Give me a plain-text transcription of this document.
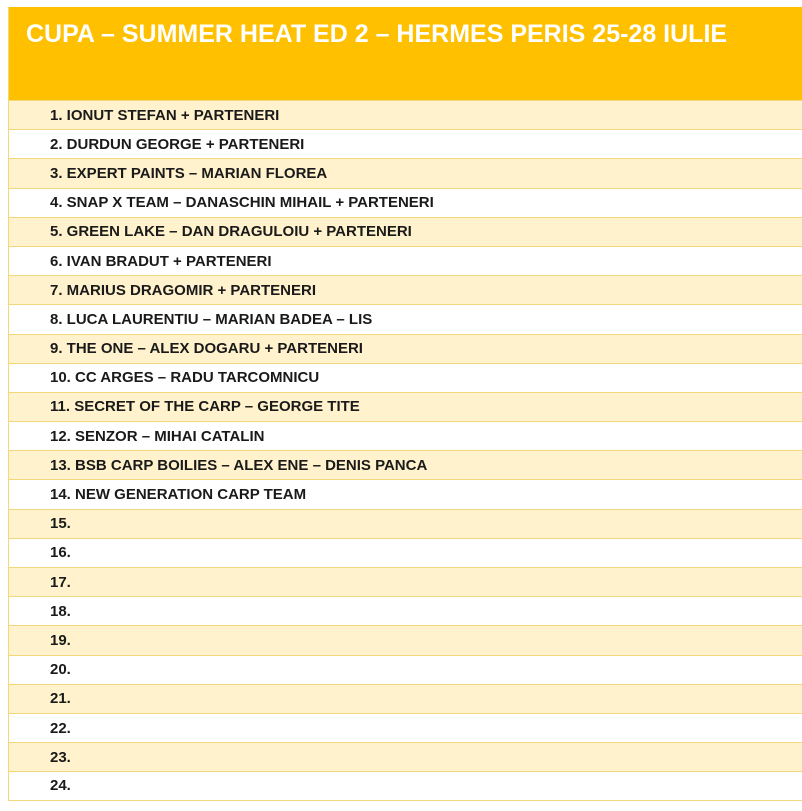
CUPA – SUMMER HEAT ED 2 – HERMES PERIS 25-28 IULIE
1. IONUT STEFAN + PARTENERI
2. DURDUN GEORGE + PARTENERI
3. EXPERT PAINTS – MARIAN FLOREA
4. SNAP X TEAM – DANASCHIN MIHAIL + PARTENERI
5. GREEN LAKE – DAN DRAGULOIU + PARTENERI
6. IVAN BRADUT + PARTENERI
7. MARIUS DRAGOMIR + PARTENERI
8. LUCA LAURENTIU – MARIAN BADEA – LIS
9. THE ONE – ALEX DOGARU + PARTENERI
10. CC ARGES – RADU TARCOMNICU
11. SECRET OF THE CARP – GEORGE TITE
12. SENZOR – MIHAI CATALIN
13. BSB CARP BOILIES – ALEX ENE – DENIS PANCA
14. NEW GENERATION CARP TEAM
15.
16.
17.
18.
19.
20.
21.
22.
23.
24.
